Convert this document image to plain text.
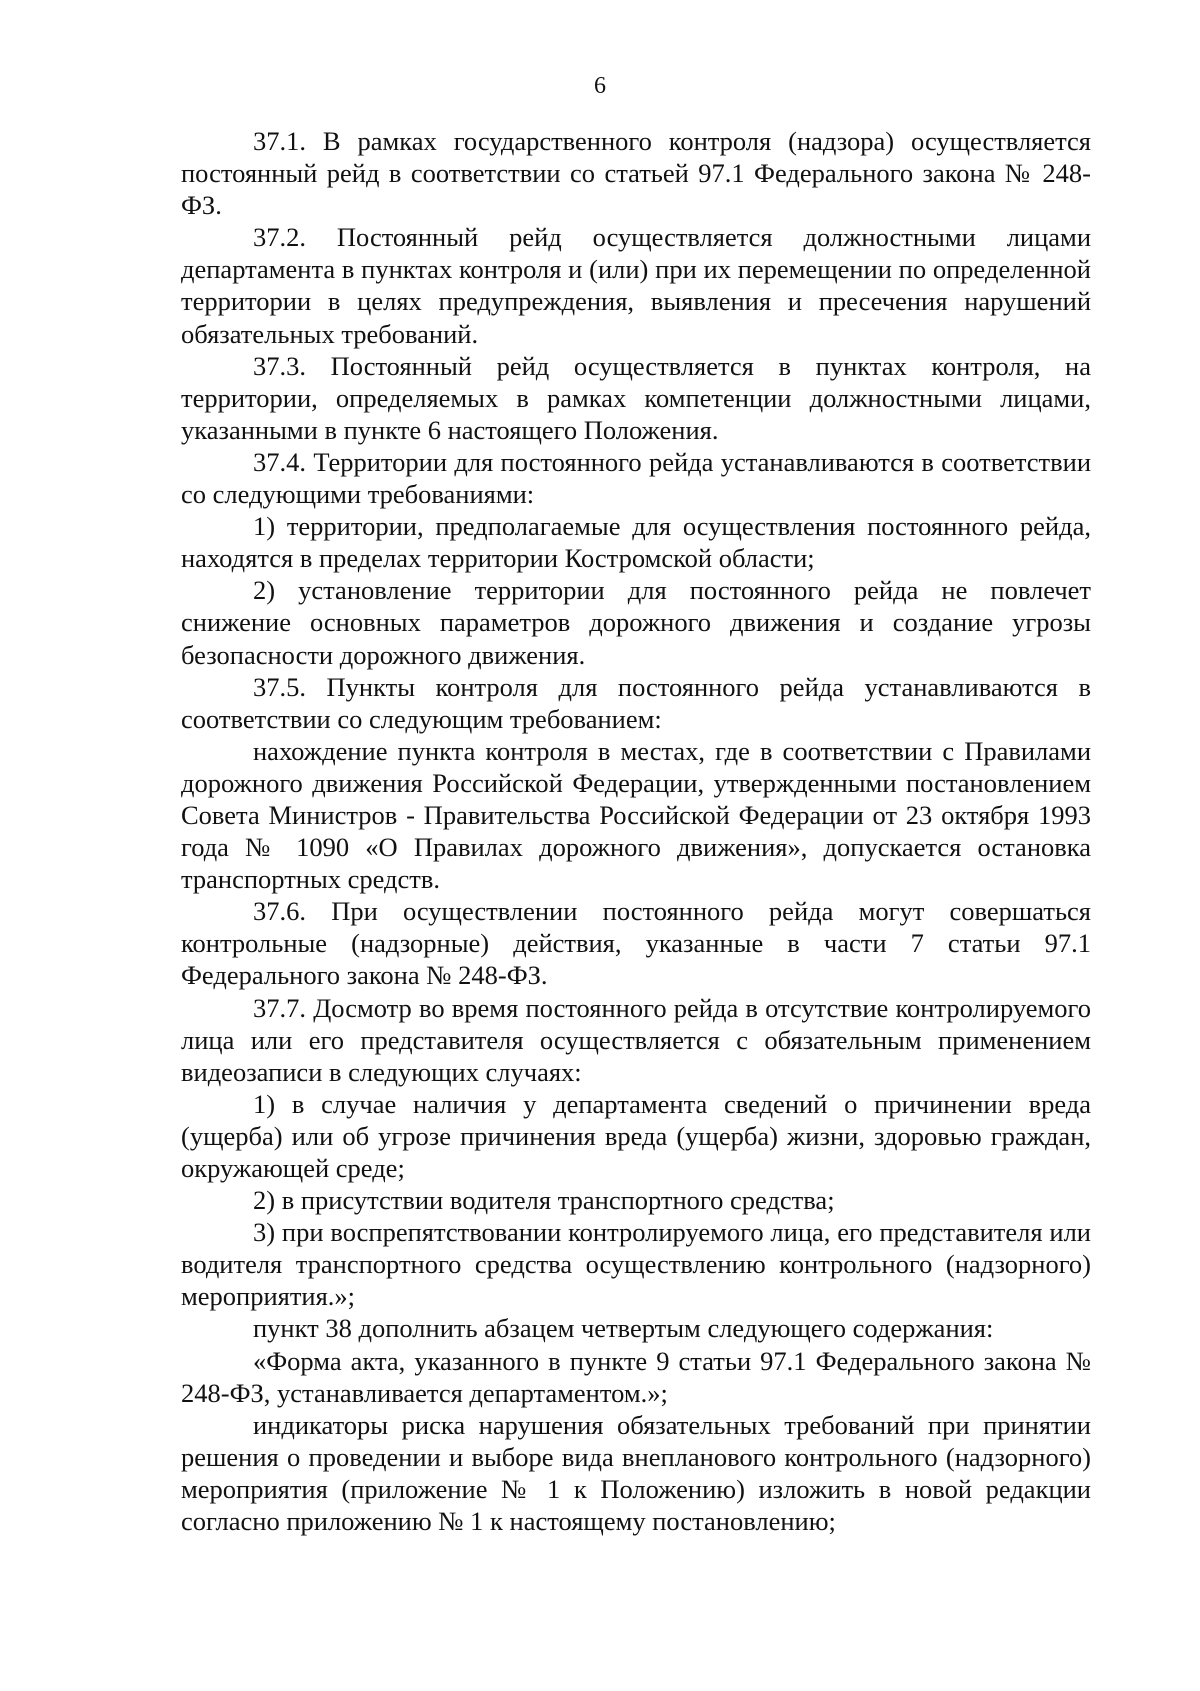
6

37.1. В рамках государственного контроля (надзора) осуществляется постоянный рейд в соответствии со статьей 97.1 Федерального закона № 248-ФЗ.

37.2. Постоянный рейд осуществляется должностными лицами департамента в пунктах контроля и (или) при их перемещении по определенной территории в целях предупреждения, выявления и пресечения нарушений обязательных требований.

37.3. Постоянный рейд осуществляется в пунктах контроля, на территории, определяемых в рамках компетенции должностными лицами, указанными в пункте 6 настоящего Положения.

37.4. Территории для постоянного рейда устанавливаются в соответствии со следующими требованиями:

1) территории, предполагаемые для осуществления постоянного рейда, находятся в пределах территории Костромской области;

2) установление территории для постоянного рейда не повлечет снижение основных параметров дорожного движения и создание угрозы безопасности дорожного движения.

37.5. Пункты контроля для постоянного рейда устанавливаются в соответствии со следующим требованием:

нахождение пункта контроля в местах, где в соответствии с Правилами дорожного движения Российской Федерации, утвержденными постановлением Совета Министров - Правительства Российской Федерации от 23 октября 1993 года № 1090 «О Правилах дорожного движения», допускается остановка транспортных средств.

37.6. При осуществлении постоянного рейда могут совершаться контрольные (надзорные) действия, указанные в части 7 статьи 97.1 Федерального закона № 248-ФЗ.

37.7. Досмотр во время постоянного рейда в отсутствие контролируемого лица или его представителя осуществляется с обязательным применением видеозаписи в следующих случаях:

1) в случае наличия у департамента сведений о причинении вреда (ущерба) или об угрозе причинения вреда (ущерба) жизни, здоровью граждан, окружающей среде;

2) в присутствии водителя транспортного средства;

3) при воспрепятствовании контролируемого лица, его представителя или водителя транспортного средства осуществлению контрольного (надзорного) мероприятия.»;

пункт 38 дополнить абзацем четвертым следующего содержания:

«Форма акта, указанного в пункте 9 статьи 97.1 Федерального закона № 248-ФЗ, устанавливается департаментом.»;

индикаторы риска нарушения обязательных требований при принятии решения о проведении и выборе вида внепланового контрольного (надзорного) мероприятия (приложение № 1 к Положению) изложить в новой редакции согласно приложению № 1 к настоящему постановлению;
